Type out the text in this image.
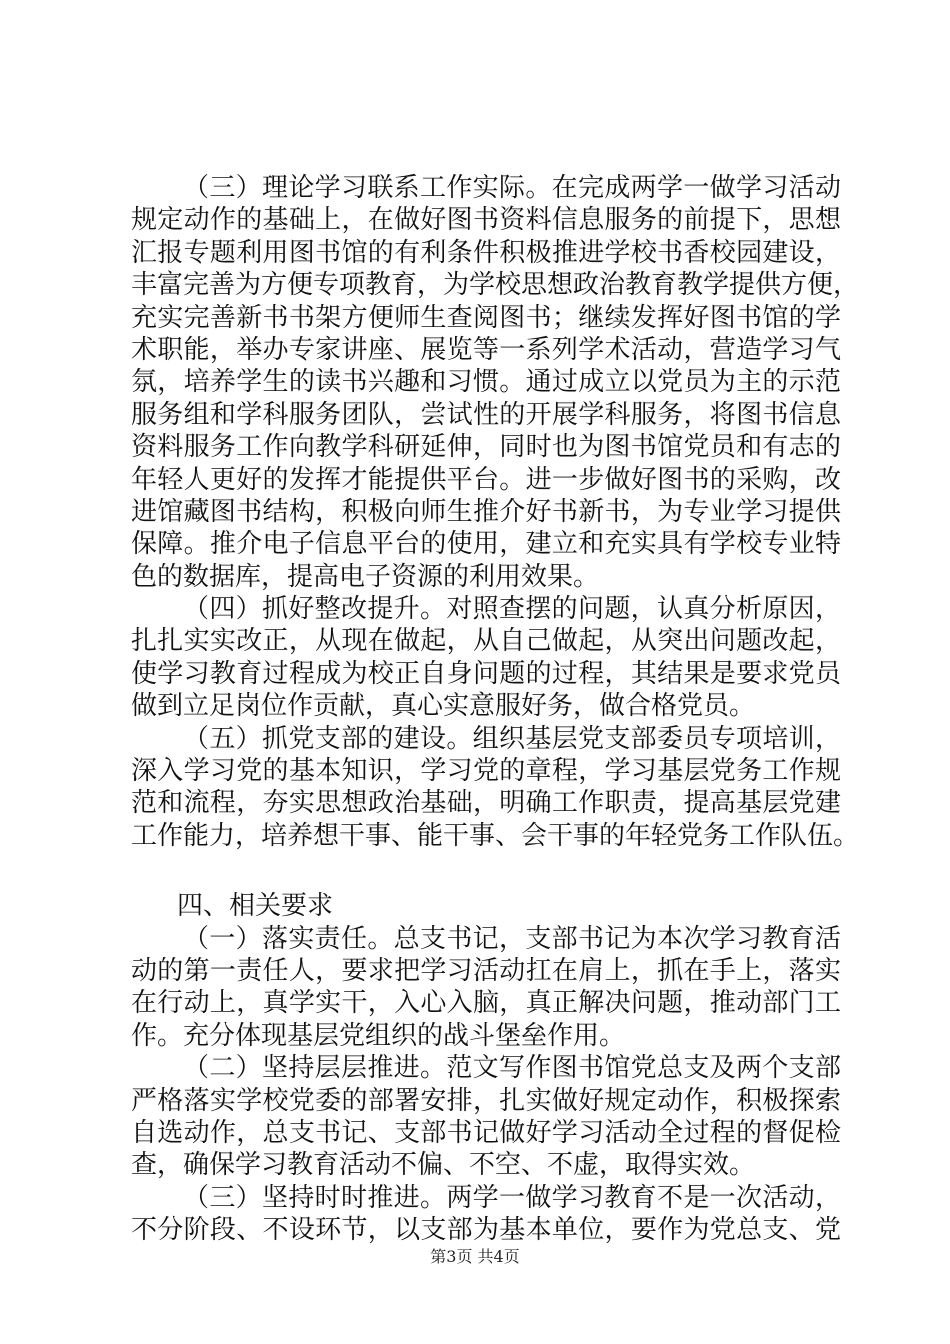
（三）理论学习联系工作实际。在完成两学一做学习活动
规定动作的基础上，在做好图书资料信息服务的前提下，思想
汇报专题利用图书馆的有利条件积极推进学校书香校园建设，
丰富完善为方便专项教育，为学校思想政治教育教学提供方便，
充实完善新书书架方便师生查阅图书；继续发挥好图书馆的学
术职能，举办专家讲座、展览等一系列学术活动，营造学习气
氛，培养学生的读书兴趣和习惯。通过成立以党员为主的示范
服务组和学科服务团队，尝试性的开展学科服务，将图书信息
资料服务工作向教学科研延伸，同时也为图书馆党员和有志的
年轻人更好的发挥才能提供平台。进一步做好图书的采购，改
进馆藏图书结构，积极向师生推介好书新书，为专业学习提供
保障。推介电子信息平台的使用，建立和充实具有学校专业特
色的数据库，提高电子资源的利用效果。
（四）抓好整改提升。对照查摆的问题，认真分析原因，
扎扎实实改正，从现在做起，从自己做起，从突出问题改起，
使学习教育过程成为校正自身问题的过程，其结果是要求党员
做到立足岗位作贡献，真心实意服好务，做合格党员。
（五）抓党支部的建设。组织基层党支部委员专项培训，
深入学习党的基本知识，学习党的章程，学习基层党务工作规
范和流程，夯实思想政治基础，明确工作职责，提高基层党建
工作能力，培养想干事、能干事、会干事的年轻党务工作队伍。
四、相关要求
（一）落实责任。总支书记，支部书记为本次学习教育活
动的第一责任人，要求把学习活动扛在肩上，抓在手上，落实
在行动上，真学实干，入心入脑，真正解决问题，推动部门工
作。充分体现基层党组织的战斗堡垒作用。
（二）坚持层层推进。范文写作图书馆党总支及两个支部
严格落实学校党委的部署安排，扎实做好规定动作，积极探索
自选动作，总支书记、支部书记做好学习活动全过程的督促检
查，确保学习教育活动不偏、不空、不虚，取得实效。
（三）坚持时时推进。两学一做学习教育不是一次活动，
不分阶段、不设环节，以支部为基本单位，要作为党总支、党
第3页 共4页
